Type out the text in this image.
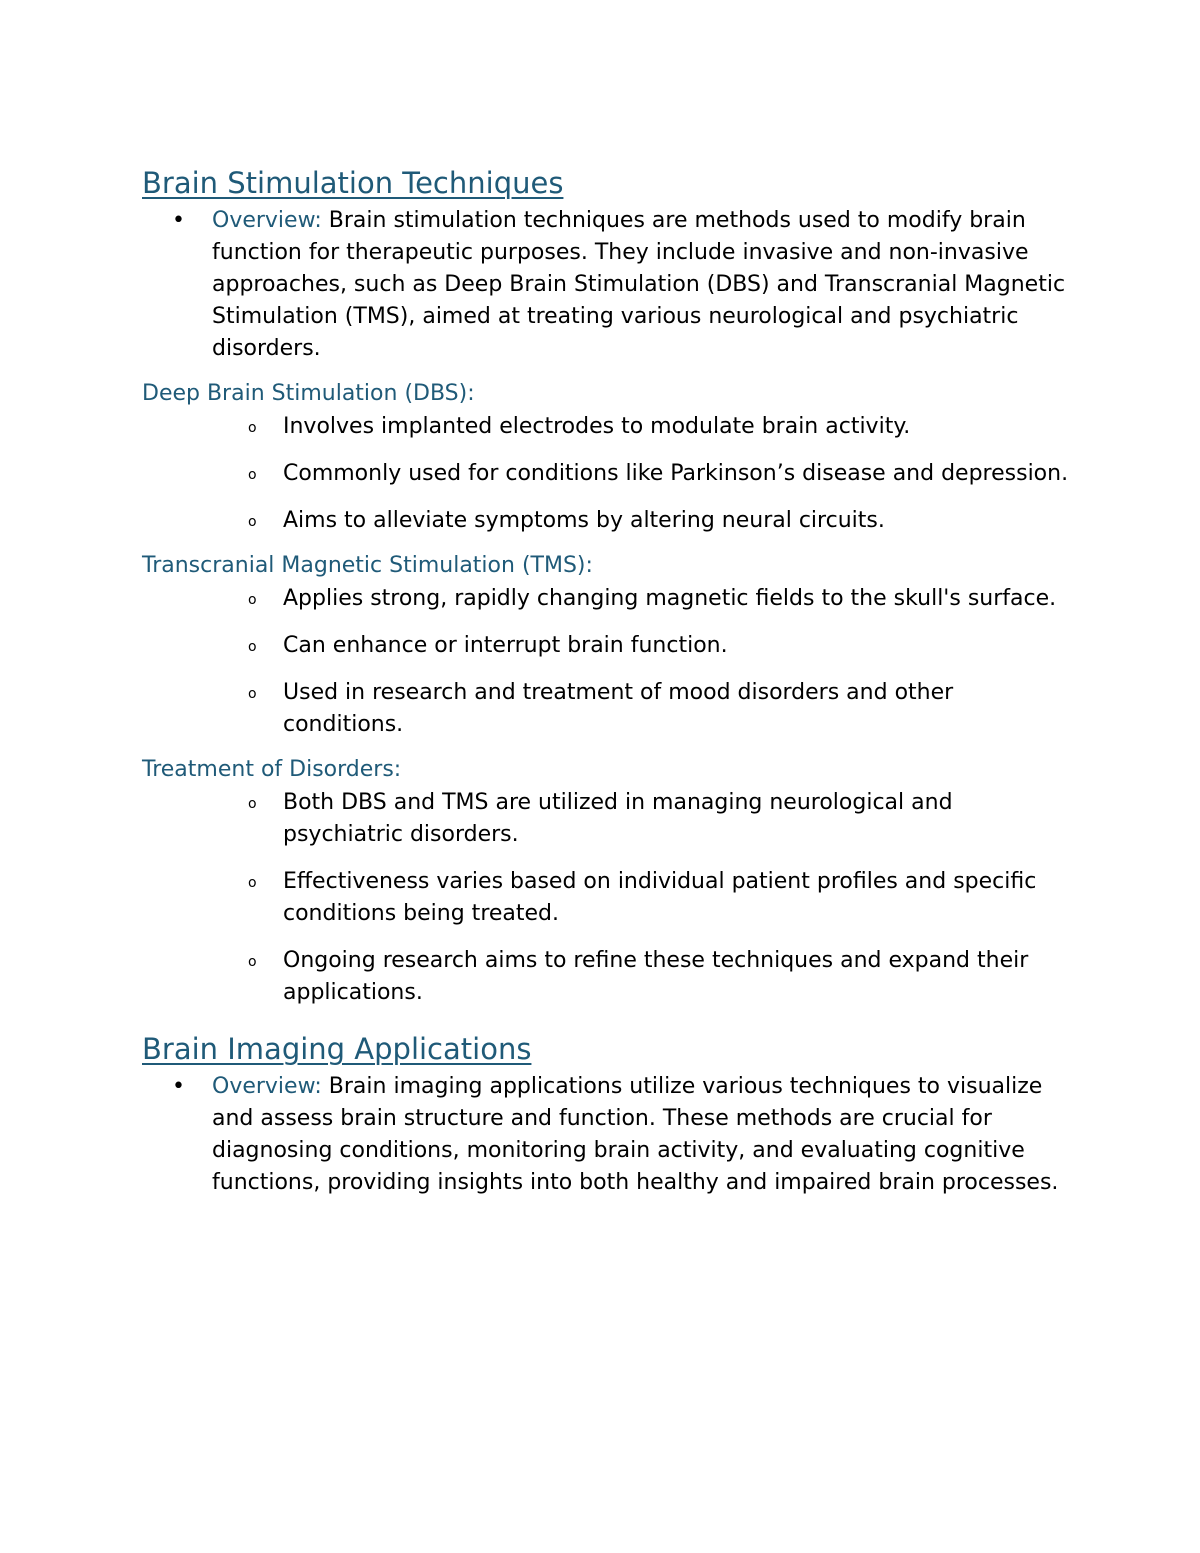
Brain Stimulation Techniques
• Overview: Brain stimulation techniques are methods used to modify brain function for therapeutic purposes. They include invasive and non-invasive approaches, such as Deep Brain Stimulation (DBS) and Transcranial Magnetic Stimulation (TMS), aimed at treating various neurological and psychiatric disorders.
Deep Brain Stimulation (DBS):
o Involves implanted electrodes to modulate brain activity.
o Commonly used for conditions like Parkinson’s disease and depression.
o Aims to alleviate symptoms by altering neural circuits.
Transcranial Magnetic Stimulation (TMS):
o Applies strong, rapidly changing magnetic fields to the skull's surface.
o Can enhance or interrupt brain function.
o Used in research and treatment of mood disorders and other conditions.
Treatment of Disorders:
o Both DBS and TMS are utilized in managing neurological and psychiatric disorders.
o Effectiveness varies based on individual patient profiles and specific conditions being treated.
o Ongoing research aims to refine these techniques and expand their applications.
Brain Imaging Applications
• Overview: Brain imaging applications utilize various techniques to visualize and assess brain structure and function. These methods are crucial for diagnosing conditions, monitoring brain activity, and evaluating cognitive functions, providing insights into both healthy and impaired brain processes.
